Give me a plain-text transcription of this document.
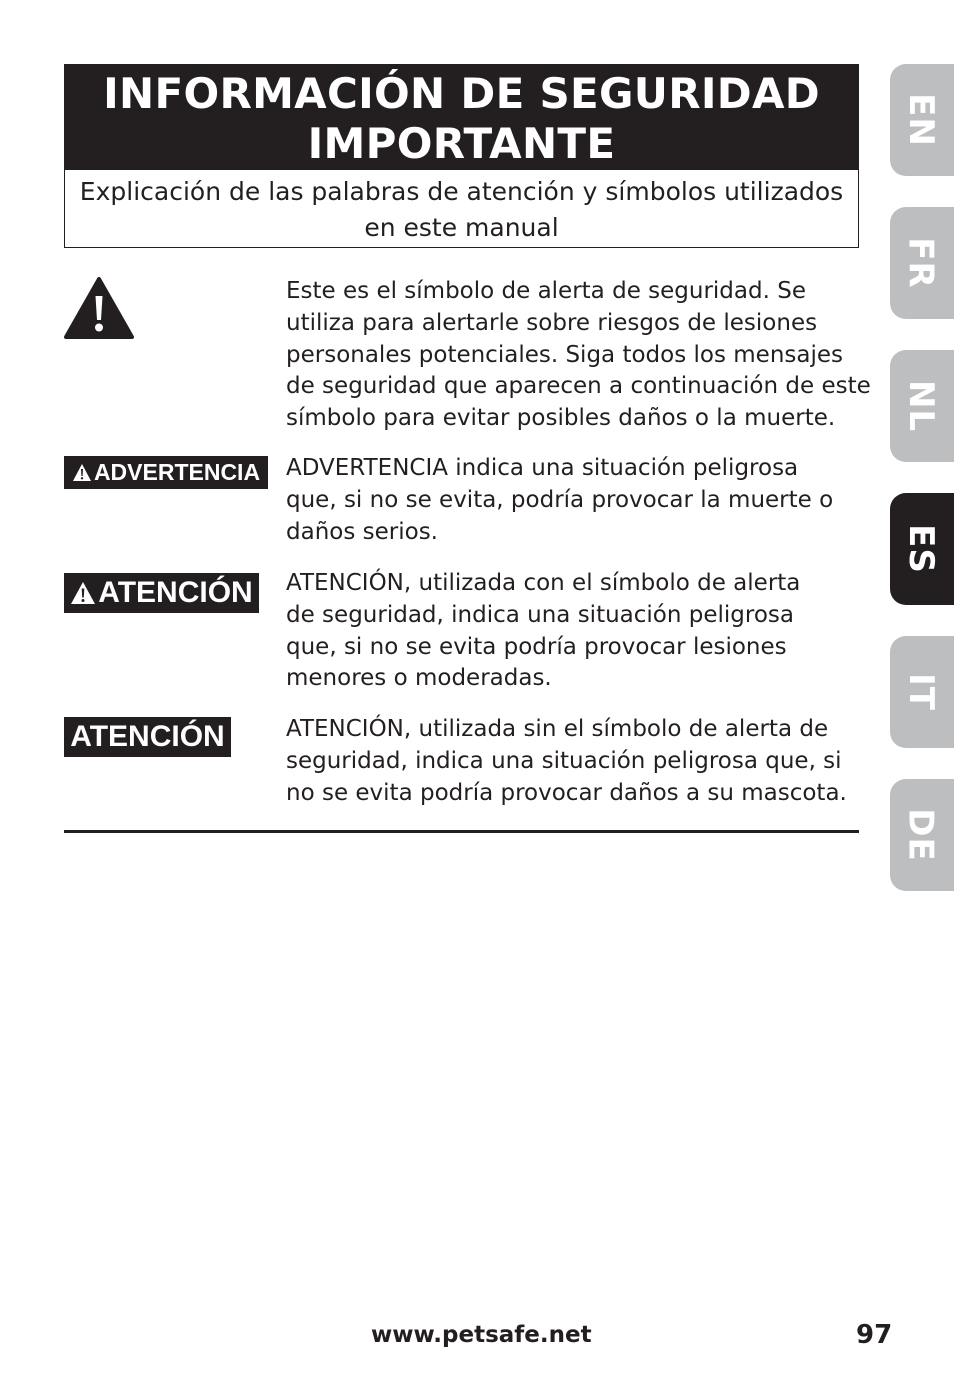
INFORMACIÓN DE SEGURIDAD
IMPORTANTE
Explicación de las palabras de atención y símbolos utilizados
en este manual
Este es el símbolo de alerta de seguridad. Se
utiliza para alertarle sobre riesgos de lesiones
personales potenciales. Siga todos los mensajes
de seguridad que aparecen a continuación de este
símbolo para evitar posibles daños o la muerte.
ADVERTENCIA ADVERTENCIA indica una situación peligrosa
que, si no se evita, podría provocar la muerte o
daños serios.
ATENCIÓN ATENCIÓN, utilizada con el símbolo de alerta
de seguridad, indica una situación peligrosa
que, si no se evita podría provocar lesiones
menores o moderadas.
ATENCIÓN	ATENCIÓN, utilizada sin el símbolo de alerta de
seguridad, indica una situación peligrosa que, si
no se evita podría provocar daños a su mascota.
EN
FR
NL
ES
IT
DE
www.petsafe.net	97
